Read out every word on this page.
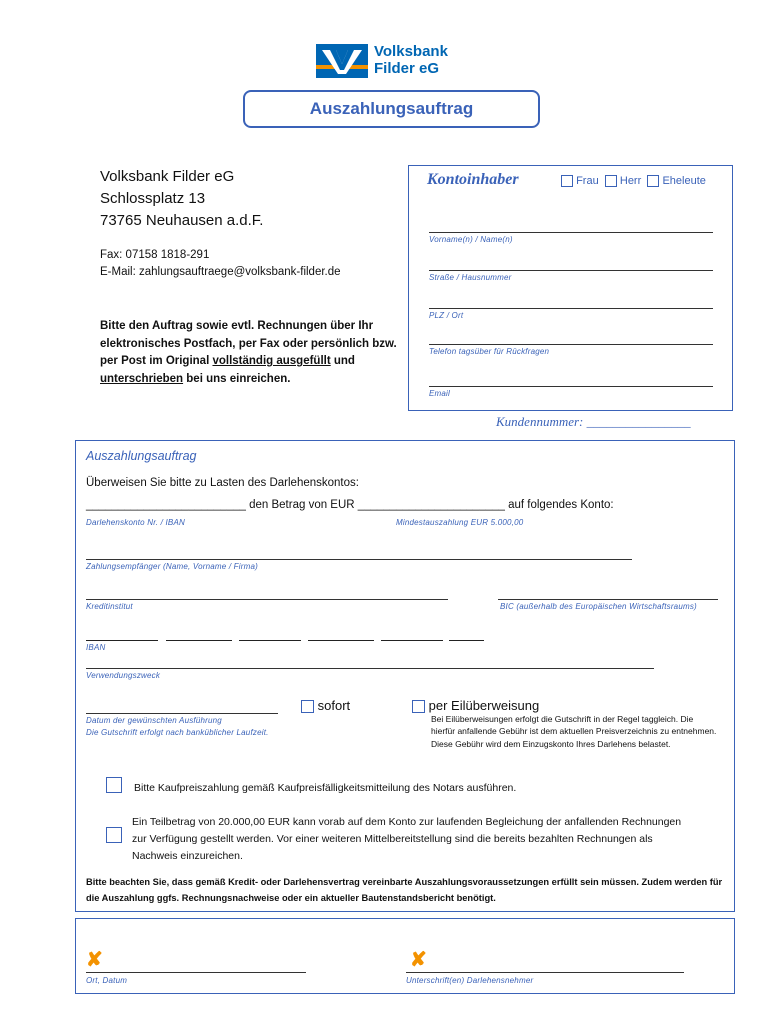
Volksbank
Filder eG
Auszahlungsauftrag
Volksbank Filder eG
Schlossplatz 13
73765 Neuhausen a.d.F.
Fax: 07158 1818-291
E-Mail: zahlungsauftraege@volksbank-filder.de
Bitte den Auftrag sowie evtl. Rechnungen über Ihr elektronisches Postfach, per Fax oder persönlich bzw. per Post im Original vollständig ausgefüllt und unterschrieben bei uns einreichen.
Kontoinhaber	Frau Herr Eheleute
Vorname(n) / Name(n)
Straße / Hausnummer
PLZ / Ort
Telefon tagsüber für Rückfragen
Email
Kundennummer: ________________
Auszahlungsauftrag
Überweisen Sie bitte zu Lasten des Darlehenskontos:
_________________________ den Betrag von EUR _______________________ auf folgendes Konto:
Darlehenskonto Nr. / IBAN	Mindestauszahlung EUR 5.000,00
Zahlungsempfänger (Name, Vorname / Firma)
Kreditinstitut	BIC (außerhalb des Europäischen Wirtschaftsraums)
IBAN
Verwendungszweck
Datum der gewünschten Ausführung
Die Gutschrift erfolgt nach banküblicher Laufzeit.
sofort	per Eilüberweisung
Bei Eilüberweisungen erfolgt die Gutschrift in der Regel taggleich. Die hierfür anfallende Gebühr ist dem aktuellen Preisverzeichnis zu entnehmen. Diese Gebühr wird dem Einzugskonto Ihres Darlehens belastet.
Bitte Kaufpreiszahlung gemäß Kaufpreisfälligkeitsmitteilung des Notars ausführen.
Ein Teilbetrag von 20.000,00 EUR kann vorab auf dem Konto zur laufenden Begleichung der anfallenden Rechnungen zur Verfügung gestellt werden. Vor einer weiteren Mittelbereitstellung sind die bereits bezahlten Rechnungen als Nachweis einzureichen.
Bitte beachten Sie, dass gemäß Kredit- oder Darlehensvertrag vereinbarte Auszahlungsvoraussetzungen erfüllt sein müssen. Zudem werden für die Auszahlung ggfs. Rechnungsnachweise oder ein aktueller Bautenstandsbericht benötigt.
✘
Ort, Datum
✘
Unterschrift(en) Darlehensnehmer
